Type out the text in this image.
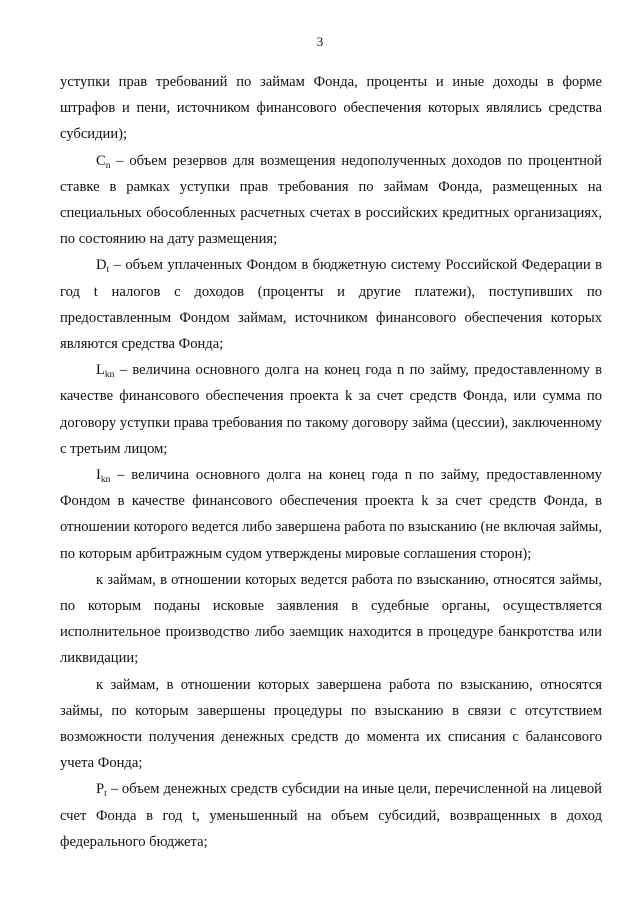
3

уступки прав требований по займам Фонда, проценты и иные доходы в форме штрафов и пени, источником финансового обеспечения которых являлись средства субсидии);

$C_n$ – объем резервов для возмещения недополученных доходов по процентной ставке в рамках уступки прав требования по займам Фонда, размещенных на специальных обособленных расчетных счетах в российских кредитных организациях, по состоянию на дату размещения;

$D_t$ – объем уплаченных Фондом в бюджетную систему Российской Федерации в год t налогов с доходов (проценты и другие платежи), поступивших по предоставленным Фондом займам, источником финансового обеспечения которых являются средства Фонда;

$L_{kn}$ – величина основного долга на конец года n по займу, предоставленному в качестве финансового обеспечения проекта k за счет средств Фонда, или сумма по договору уступки права требования по такому договору займа (цессии), заключенному с третьим лицом;

$I_{kn}$ – величина основного долга на конец года n по займу, предоставленному Фондом в качестве финансового обеспечения проекта k за счет средств Фонда, в отношении которого ведется либо завершена работа по взысканию (не включая займы, по которым арбитражным судом утверждены мировые соглашения сторон);

к займам, в отношении которых ведется работа по взысканию, относятся займы, по которым поданы исковые заявления в судебные органы, осуществляется исполнительное производство либо заемщик находится в процедуре банкротства или ликвидации;

к займам, в отношении которых завершена работа по взысканию, относятся займы, по которым завершены процедуры по взысканию в связи с отсутствием возможности получения денежных средств до момента их списания с балансового учета Фонда;

$P_t$ – объем денежных средств субсидии на иные цели, перечисленной на лицевой счет Фонда в год t, уменьшенный на объем субсидий, возвращенных в доход федерального бюджета;
